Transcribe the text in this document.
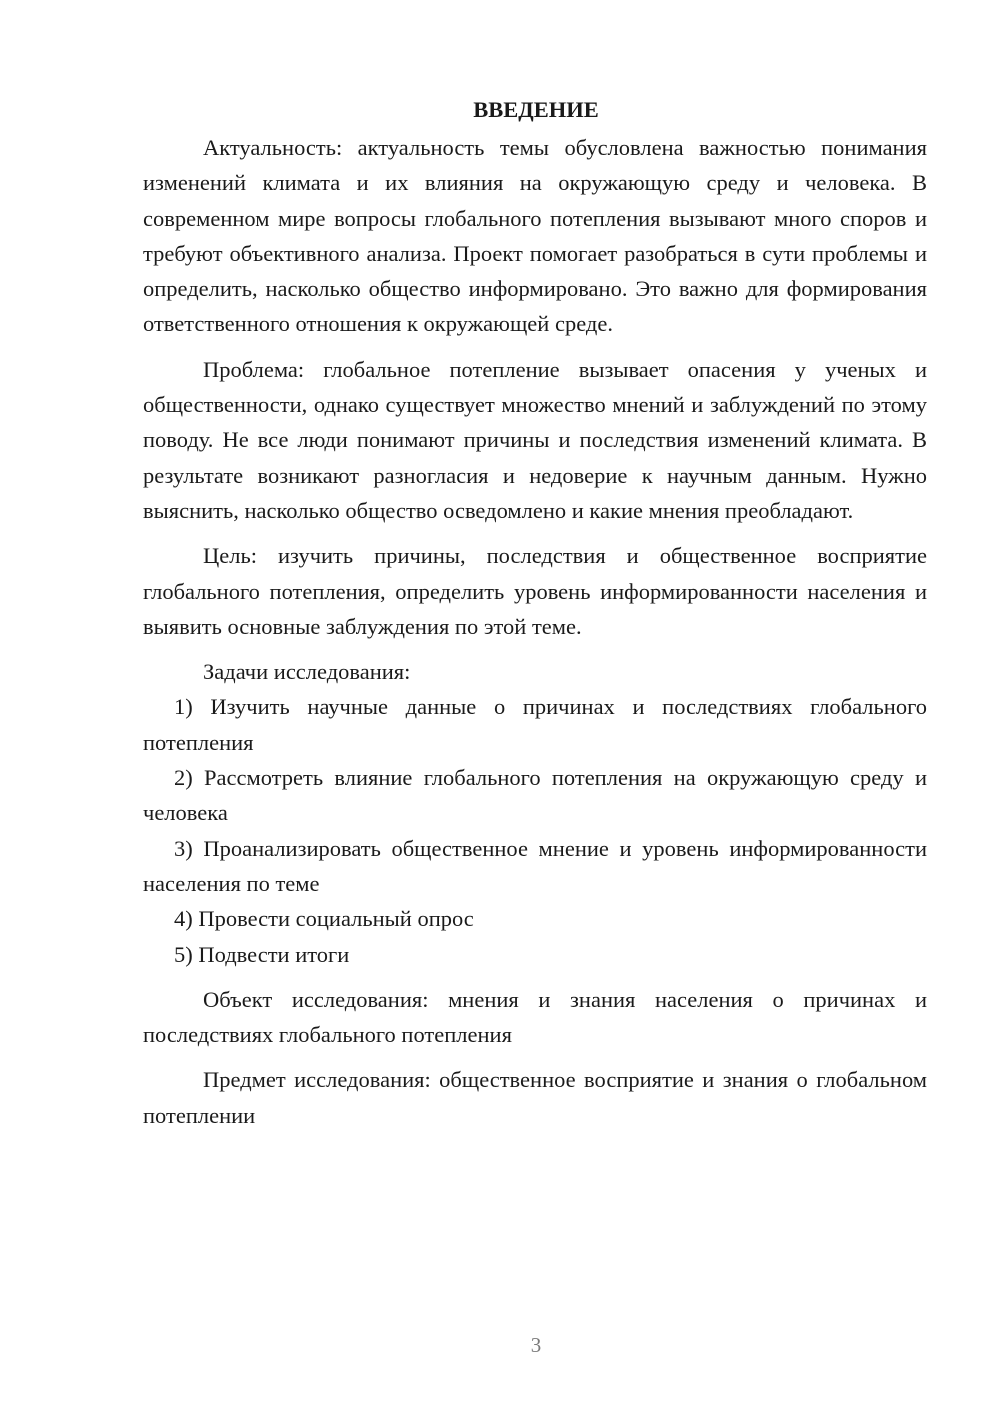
ВВЕДЕНИЕ

Актуальность: актуальность темы обусловлена важностью понимания изменений климата и их влияния на окружающую среду и человека. В современном мире вопросы глобального потепления вызывают много споров и требуют объективного анализа. Проект помогает разобраться в сути проблемы и определить, насколько общество информировано. Это важно для формирования ответственного отношения к окружающей среде.

Проблема: глобальное потепление вызывает опасения у ученых и общественности, однако существует множество мнений и заблуждений по этому поводу. Не все люди понимают причины и последствия изменений климата. В результате возникают разногласия и недоверие к научным данным. Нужно выяснить, насколько общество осведомлено и какие мнения преобладают.

Цель: изучить причины, последствия и общественное восприятие глобального потепления, определить уровень информированности населения и выявить основные заблуждения по этой теме.

Задачи исследования:

1) Изучить научные данные о причинах и последствиях глобального потепления

2) Рассмотреть влияние глобального потепления на окружающую среду и человека

3) Проанализировать общественное мнение и уровень информированности населения по теме

4) Провести социальный опрос

5) Подвести итоги

Объект исследования: мнения и знания населения о причинах и последствиях глобального потепления

Предмет исследования: общественное восприятие и знания о глобальном потеплении

3
